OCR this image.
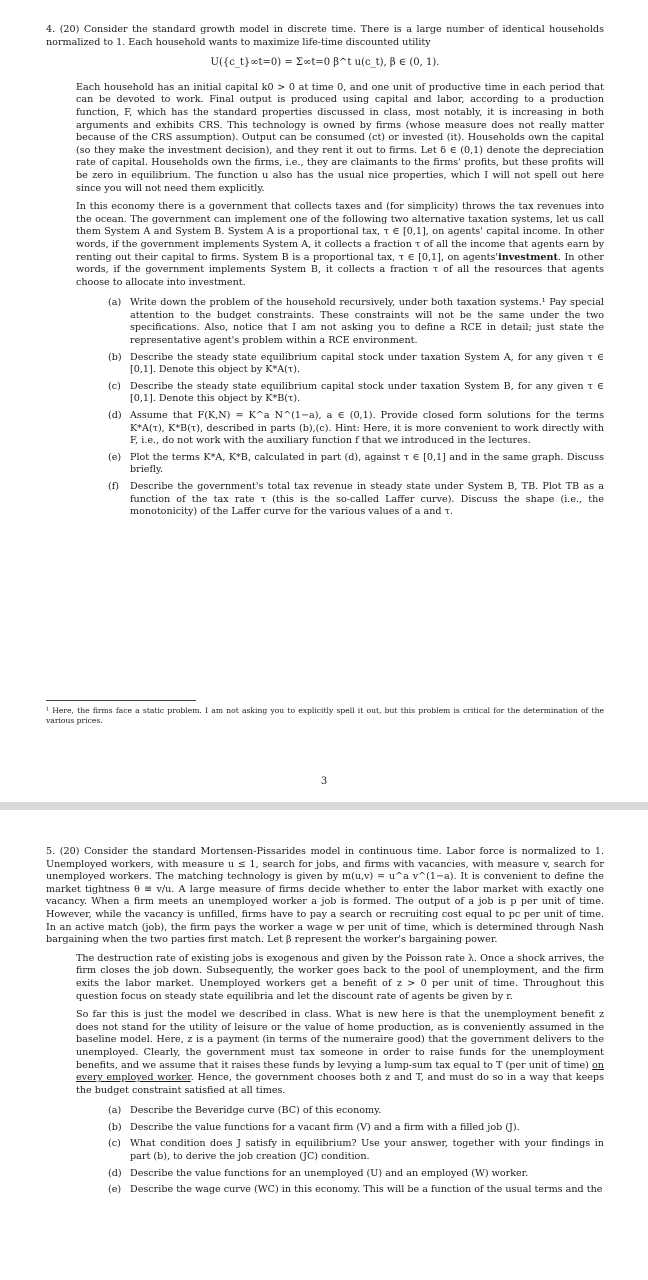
4. (20) Consider the standard growth model in discrete time. There is a large number of identical households normalized to 1. Each household wants to maximize life-time discounted utility

U({c_t}∞t=0) = Σ∞t=0 β^t u(c_t), β ∈ (0, 1).

Each household has an initial capital k0 > 0 at time 0, and one unit of productive time in each period that can be devoted to work. Final output is produced using capital and labor, according to a production function, F, which has the standard properties discussed in class, most notably, it is increasing in both arguments and exhibits CRS. This technology is owned by firms (whose measure does not really matter because of the CRS assumption). Output can be consumed (ct) or invested (it). Households own the capital (so they make the investment decision), and they rent it out to firms. Let δ ∈ (0,1) denote the depreciation rate of capital. Households own the firms, i.e., they are claimants to the firms' profits, but these profits will be zero in equilibrium. The function u also has the usual nice properties, which I will not spell out here since you will not need them explicitly.

In this economy there is a government that collects taxes and (for simplicity) throws the tax revenues into the ocean. The government can implement one of the following two alternative taxation systems, let us call them System A and System B. System A is a proportional tax, τ ∈ [0,1], on agents' capital income. In other words, if the government implements System A, it collects a fraction τ of all the income that agents earn by renting out their capital to firms. System B is a proportional tax, τ ∈ [0,1], on agents'investment. In other words, if the government implements System B, it collects a fraction τ of all the resources that agents choose to allocate into investment.

(a) Write down the problem of the household recursively, under both taxation systems.¹ Pay special attention to the budget constraints. These constraints will not be the same under the two specifications. Also, notice that I am not asking you to define a RCE in detail; just state the representative agent's problem within a RCE environment.
(b) Describe the steady state equilibrium capital stock under taxation System A, for any given τ ∈ [0,1]. Denote this object by K*A(τ).
(c) Describe the steady state equilibrium capital stock under taxation System B, for any given τ ∈ [0,1]. Denote this object by K*B(τ).
(d) Assume that F(K,N) = K^a N^(1−a), a ∈ (0,1). Provide closed form solutions for the terms K*A(τ), K*B(τ), described in parts (b),(c). Hint: Here, it is more convenient to work directly with F, i.e., do not work with the auxiliary function f that we introduced in the lectures.
(e) Plot the terms K*A, K*B, calculated in part (d), against τ ∈ [0,1] and in the same graph. Discuss briefly.
(f)	Describe the government's total tax revenue in steady state under System B, TB. Plot TB as a function of the tax rate τ (this is the so-called Laffer curve). Discuss the shape (i.e., the monotonicity) of the Laffer curve for the various values of a and τ.
¹ Here, the firms face a static problem. I am not asking you to explicitly spell it out, but this problem is critical for the determination of the various prices.
3

5. (20) Consider the standard Mortensen-Pissarides model in continuous time. Labor force is normalized to 1. Unemployed workers, with measure u ≤ 1, search for jobs, and firms with vacancies, with measure v, search for unemployed workers. The matching technology is given by m(u,v) = u^a v^(1−a). It is convenient to define the market tightness θ ≡ v/u. A large measure of firms decide whether to enter the labor market with exactly one vacancy. When a firm meets an unemployed worker a job is formed. The output of a job is p per unit of time. However, while the vacancy is unfilled, firms have to pay a search or recruiting cost equal to pc per unit of time. In an active match (job), the firm pays the worker a wage w per unit of time, which is determined through Nash bargaining when the two parties first match. Let β represent the worker's bargaining power.

The destruction rate of existing jobs is exogenous and given by the Poisson rate λ. Once a shock arrives, the firm closes the job down. Subsequently, the worker goes back to the pool of unemployment, and the firm exits the labor market. Unemployed workers get a benefit of z > 0 per unit of time. Throughout this question focus on steady state equilibria and let the discount rate of agents be given by r.

So far this is just the model we described in class. What is new here is that the unemployment benefit z does not stand for the utility of leisure or the value of home production, as is conveniently assumed in the baseline model. Here, z is a payment (in terms of the numeraire good) that the government delivers to the unemployed. Clearly, the government must tax someone in order to raise funds for the unemployment benefits, and we assume that it raises these funds by levying a lump-sum tax equal to T (per unit of time) on every employed worker. Hence, the government chooses both z and T, and must do so in a way that keeps the budget constraint satisfied at all times.

(a) Describe the Beveridge curve (BC) of this economy.
(b) Describe the value functions for a vacant firm (V) and a firm with a filled job (J).
(c) What condition does J satisfy in equilibrium? Use your answer, together with your findings in part (b), to derive the job creation (JC) condition.
(d) Describe the value functions for an unemployed (U) and an employed (W) worker.
(e) Describe the wage curve (WC) in this economy. This will be a function of the usual terms and the
